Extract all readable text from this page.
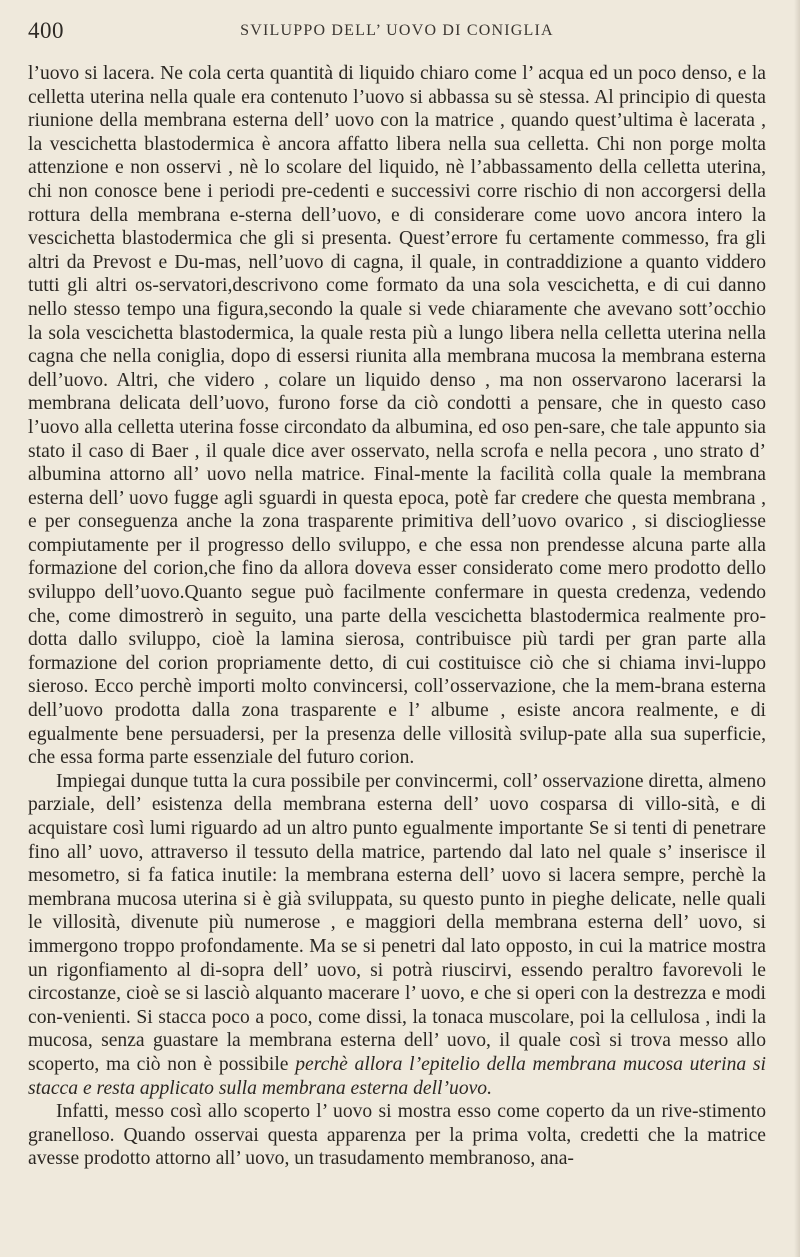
400	SVILUPPO DELL’ UOVO DI CONIGLIA

l’uovo si lacera. Ne cola certa quantità di liquido chiaro come l’ acqua ed un poco denso, e la celletta uterina nella quale era contenuto l’uovo si abbassa su sè stessa. Al principio di questa riunione della membrana esterna dell’ uovo con la matrice , quando quest’ultima è lacerata , la vescichetta blastodermica è ancora affatto libera nella sua celletta. Chi non porge molta attenzione e non osservi , nè lo scolare del liquido, nè l’abbassamento della celletta uterina, chi non conosce bene i periodi pre-cedenti e successivi corre rischio di non accorgersi della rottura della membrana e-sterna dell’uovo, e di considerare come uovo ancora intero la vescichetta blastodermica che gli si presenta. Quest’errore fu certamente commesso, fra gli altri da Prevost e Du-mas, nell’uovo di cagna, il quale, in contraddizione a quanto viddero tutti gli altri os-servatori,descrivono come formato da una sola vescichetta, e di cui danno nello stesso tempo una figura,secondo la quale si vede chiaramente che avevano sott’occhio la sola vescichetta blastodermica, la quale resta più a lungo libera nella celletta uterina nella cagna che nella coniglia, dopo di essersi riunita alla membrana mucosa la membrana esterna dell’uovo. Altri, che videro , colare un liquido denso , ma non osservarono lacerarsi la membrana delicata dell’uovo, furono forse da ciò condotti a pensare, che in questo caso l’uovo alla celletta uterina fosse circondato da albumina, ed oso pen-sare, che tale appunto sia stato il caso di Baer , il quale dice aver osservato, nella scrofa e nella pecora , uno strato d’ albumina attorno all’ uovo nella matrice. Final-mente la facilità colla quale la membrana esterna dell’ uovo fugge agli sguardi in questa epoca, potè far credere che questa membrana , e per conseguenza anche la zona trasparente primitiva dell’uovo ovarico , si disciogliesse compiutamente per il progresso dello sviluppo, e che essa non prendesse alcuna parte alla formazione del corion,che fino da allora doveva esser considerato come mero prodotto dello sviluppo dell’uovo.Quanto segue può facilmente confermare in questa credenza, vedendo che, come dimostrerò in seguito, una parte della vescichetta blastodermica realmente pro-dotta dallo sviluppo, cioè la lamina sierosa, contribuisce più tardi per gran parte alla formazione del corion propriamente detto, di cui costituisce ciò che si chiama invi-luppo sieroso. Ecco perchè importi molto convincersi, coll’osservazione, che la mem-brana esterna dell’uovo prodotta dalla zona trasparente e l’ albume , esiste ancora realmente, e di egualmente bene persuadersi, per la presenza delle villosità svilup-pate alla sua superficie, che essa forma parte essenziale del futuro corion.

Impiegai dunque tutta la cura possibile per convincermi, coll’ osservazione diretta, almeno parziale, dell’ esistenza della membrana esterna dell’ uovo cosparsa di villo-sità, e di acquistare così lumi riguardo ad un altro punto egualmente importante Se si tenti di penetrare fino all’ uovo, attraverso il tessuto della matrice, partendo dal lato nel quale s’ inserisce il mesometro, si fa fatica inutile: la membrana esterna dell’ uovo si lacera sempre, perchè la membrana mucosa uterina si è già sviluppata, su questo punto in pieghe delicate, nelle quali le villosità, divenute più numerose , e maggiori della membrana esterna dell’ uovo, si immergono troppo profondamente. Ma se si penetri dal lato opposto, in cui la matrice mostra un rigonfiamento al di-sopra dell’ uovo, si potrà riuscirvi, essendo peraltro favorevoli le circostanze, cioè se si lasciò alquanto macerare l’ uovo, e che si operi con la destrezza e modi con-venienti. Si stacca poco a poco, come dissi, la tonaca muscolare, poi la cellulosa , indi la mucosa, senza guastare la membrana esterna dell’ uovo, il quale così si trova messo allo scoperto, ma ciò non è possibile perchè allora l’epitelio della membrana mucosa uterina si stacca e resta applicato sulla membrana esterna dell’uovo.

Infatti, messo così allo scoperto l’ uovo si mostra esso come coperto da un rive-stimento granelloso. Quando osservai questa apparenza per la prima volta, credetti che la matrice avesse prodotto attorno all’ uovo, un trasudamento membranoso, ana-
